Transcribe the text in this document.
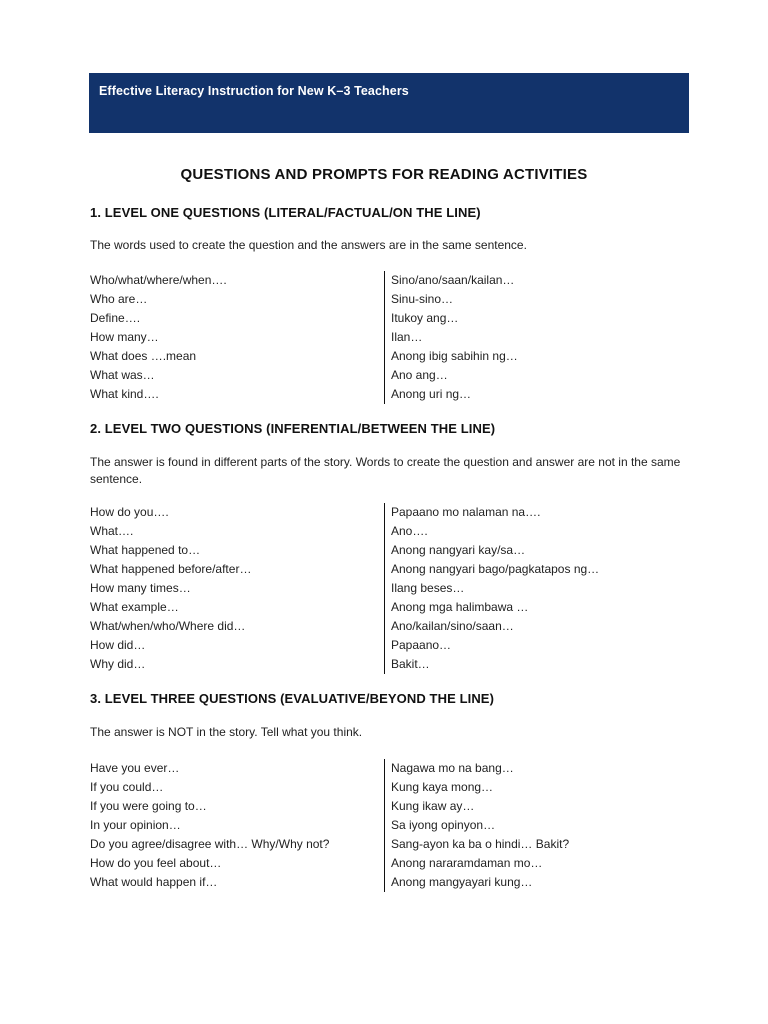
Effective Literacy Instruction for New K–3 Teachers
QUESTIONS AND PROMPTS FOR READING ACTIVITIES
1. LEVEL ONE QUESTIONS (LITERAL/FACTUAL/ON THE LINE)
The words used to create the question and the answers are in the same sentence.
Who/what/where/when….	Sino/ano/saan/kailan…
Who are…	Sinu-sino…
Define….	Itukoy ang…
How many…	Ilan…
What does ….mean	Anong ibig sabihin ng…
What was…	Ano ang…
What kind….	Anong uri ng…
2. LEVEL TWO QUESTIONS (INFERENTIAL/BETWEEN THE LINE)
The answer is found in different parts of the story. Words to create the question and answer are not in the same sentence.
How do you….	Papaano mo nalaman na….
What….	Ano….
What happened to…	Anong nangyari kay/sa…
What happened before/after…	Anong nangyari bago/pagkatapos ng…
How many times…	Ilang beses…
What example…	Anong mga halimbawa …
What/when/who/Where did…	Ano/kailan/sino/saan…
How did…	Papaano…
Why did…	Bakit…
3. LEVEL THREE QUESTIONS (EVALUATIVE/BEYOND THE LINE)
The answer is NOT in the story. Tell what you think.
Have you ever…	Nagawa mo na bang…
If you could…	Kung kaya mong…
If you were going to…	Kung ikaw ay…
In your opinion…	Sa iyong opinyon…
Do you agree/disagree with… Why/Why not?	Sang-ayon ka ba o hindi… Bakit?
How do you feel about…	Anong nararamdaman mo…
What would happen if…	Anong mangyayari kung…
